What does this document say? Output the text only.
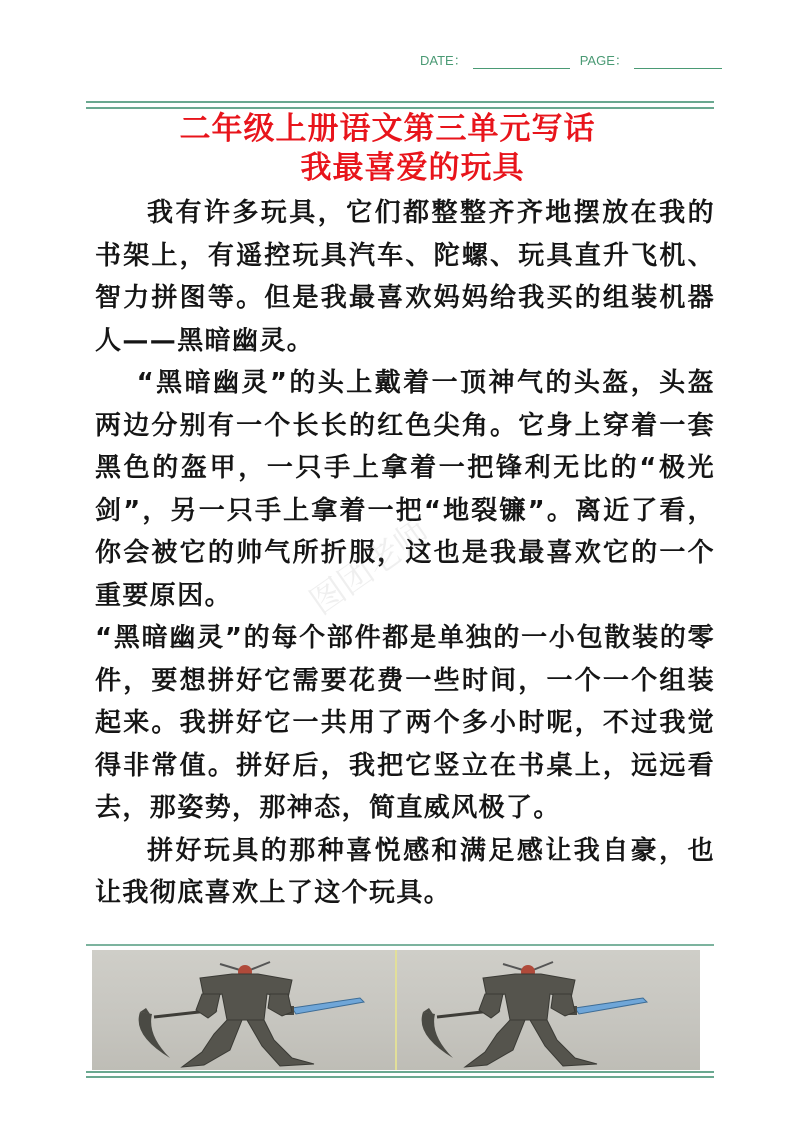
DATE：	PAGE：
二年级上册语文第三单元写话
我最喜爱的玩具

我有许多玩具，它们都整整齐齐地摆放在我的书架上，有遥控玩具汽车、陀螺、玩具直升飞机、智力拼图等。但是我最喜欢妈妈给我买的组装机器人——黑暗幽灵。

“黑暗幽灵”的头上戴着一顶神气的头盔，头盔两边分别有一个长长的红色尖角。它身上穿着一套黑色的盔甲，一只手上拿着一把锋利无比的“极光剑”，另一只手上拿着一把“地裂镰”。离近了看，你会被它的帅气所折服，这也是我最喜欢它的一个重要原因。

“黑暗幽灵”的每个部件都是单独的一小包散装的零件，要想拼好它需要花费一些时间，一个一个组装起来。我拼好它一共用了两个多小时呢，不过我觉得非常值。拼好后，我把它竖立在书桌上，远远看去，那姿势，那神态，简直威风极了。

拼好玩具的那种喜悦感和满足感让我自豪，也让我彻底喜欢上了这个玩具。

图团老师
